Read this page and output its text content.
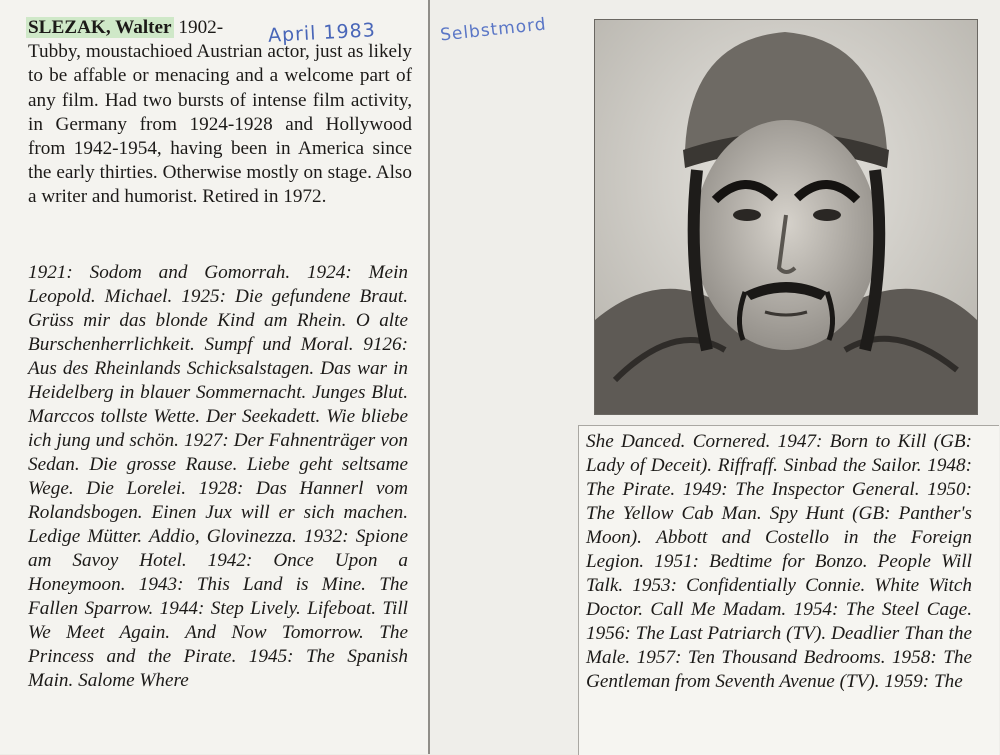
April 1983	Selbstmord

SLEZAK, Walter 1902-
Tubby, moustachioed Austrian actor, just as likely to be affable or menacing and a welcome part of any film. Had two bursts of intense film activity, in Germany from 1924-1928 and Hollywood from 1942-1954, having been in America since the early thirties. Otherwise mostly on stage. Also a writer and humorist. Retired in 1972.

1921: Sodom and Gomorrah. 1924: Mein Leopold. Michael. 1925: Die gefundene Braut. Grüss mir das blonde Kind am Rhein. O alte Burschenherrlichkeit. Sumpf und Moral. 9126: Aus des Rheinlands Schicksalstagen. Das war in Heidelberg in blauer Sommernacht. Junges Blut. Marccos tollste Wette. Der Seekadett. Wie bliebe ich jung und schön. 1927: Der Fahnenträger von Sedan. Die grosse Rause. Liebe geht seltsame Wege. Die Lorelei. 1928: Das Hannerl vom Rolandsbogen. Einen Jux will er sich machen. Ledige Mütter. Addio, Glovinezza. 1932: Spione am Savoy Hotel. 1942: Once Upon a Honeymoon. 1943: This Land is Mine. The Fallen Sparrow. 1944: Step Lively. Lifeboat. Till We Meet Again. And Now Tomorrow. The Princess and the Pirate. 1945: The Spanish Main. Salome Where

She Danced. Cornered. 1947: Born to Kill (GB: Lady of Deceit). Riffraff. Sinbad the Sailor. 1948: The Pirate. 1949: The Inspector General. 1950: The Yellow Cab Man. Spy Hunt (GB: Panther's Moon). Abbott and Costello in the Foreign Legion. 1951: Bedtime for Bonzo. People Will Talk. 1953: Confidentially Connie. White Witch Doctor. Call Me Madam. 1954: The Steel Cage. 1956: The Last Patriarch (TV). Deadlier Than the Male. 1957: Ten Thousand Bedrooms. 1958: The Gentleman from Seventh Avenue (TV). 1959: The
